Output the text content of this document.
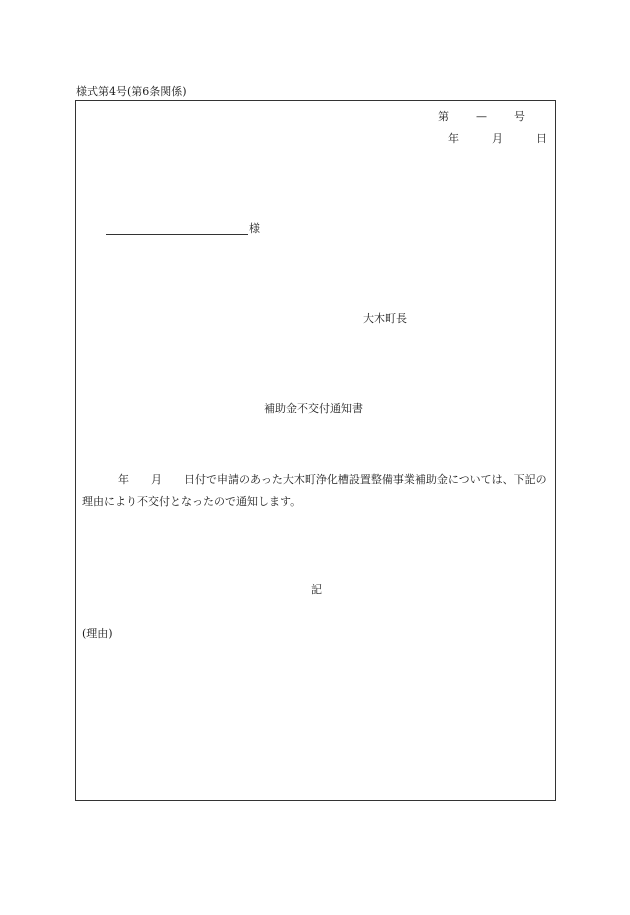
様式第4号(第6条関係)
第 — 号
年	月	日
様
大木町長
補助金不交付通知書
年 月 日付で申請のあった大木町浄化槽設置整備事業補助金については、下記の理由により不交付となったので通知します。
記
(理由)
